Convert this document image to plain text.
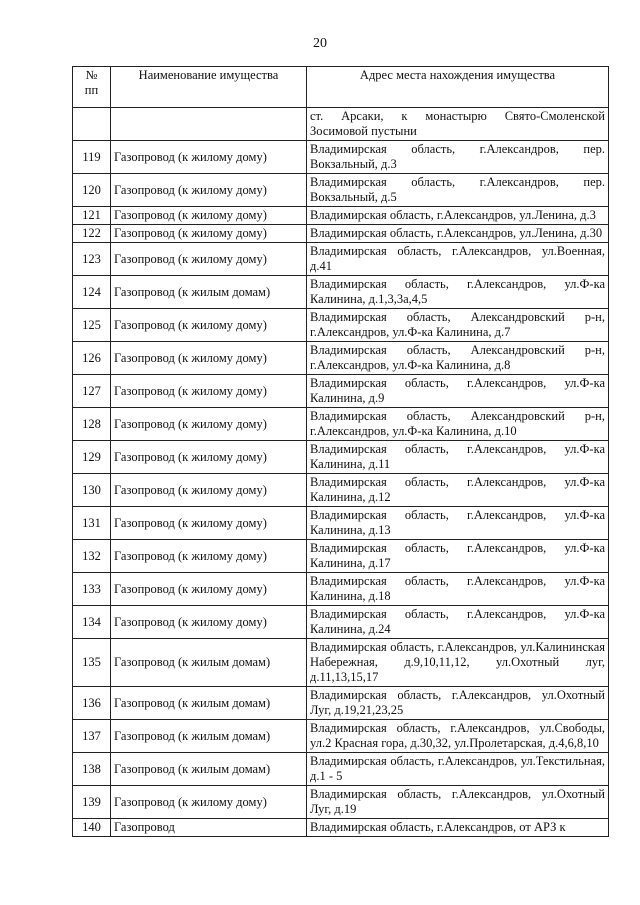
20
№
пп	Наименование имущества	Адрес места нахождения имущества
		ст. Арсаки, к монастырю Свято-Смоленской Зосимовой пустыни
119	Газопровод (к жилому дому)	Владимирская область, г.Александров, пер. Вокзальный, д.3
120	Газопровод (к жилому дому)	Владимирская область, г.Александров, пер. Вокзальный, д.5
121	Газопровод (к жилому дому)	Владимирская область, г.Александров, ул.Ленина, д.3
122	Газопровод (к жилому дому)	Владимирская область, г.Александров, ул.Ленина, д.30
123	Газопровод (к жилому дому)	Владимирская область, г.Александров, ул.Военная, д.41
124	Газопровод (к жилым домам)	Владимирская область, г.Александров, ул.Ф-ка Калинина, д.1,3,3а,4,5
125	Газопровод (к жилому дому)	Владимирская область, Александровский р-н, г.Александров, ул.Ф-ка Калинина, д.7
126	Газопровод (к жилому дому)	Владимирская область, Александровский р-н, г.Александров, ул.Ф-ка Калинина, д.8
127	Газопровод (к жилому дому)	Владимирская область, г.Александров, ул.Ф-ка Калинина, д.9
128	Газопровод (к жилому дому)	Владимирская область, Александровский р-н, г.Александров, ул.Ф-ка Калинина, д.10
129	Газопровод (к жилому дому)	Владимирская область, г.Александров, ул.Ф-ка Калинина, д.11
130	Газопровод (к жилому дому)	Владимирская область, г.Александров, ул.Ф-ка Калинина, д.12
131	Газопровод (к жилому дому)	Владимирская область, г.Александров, ул.Ф-ка Калинина, д.13
132	Газопровод (к жилому дому)	Владимирская область, г.Александров, ул.Ф-ка Калинина, д.17
133	Газопровод (к жилому дому)	Владимирская область, г.Александров, ул.Ф-ка Калинина, д.18
134	Газопровод (к жилому дому)	Владимирская область, г.Александров, ул.Ф-ка Калинина, д.24
135	Газопровод (к жилым домам)	Владимирская область, г.Александров, ул.Калининская Набережная, д.9,10,11,12, ул.Охотный луг, д.11,13,15,17
136	Газопровод (к жилым домам)	Владимирская область, г.Александров, ул.Охотный Луг, д.19,21,23,25
137	Газопровод (к жилым домам)	Владимирская область, г.Александров, ул.Свободы, ул.2 Красная гора, д.30,32, ул.Пролетарская, д.4,6,8,10
138	Газопровод (к жилым домам)	Владимирская область, г.Александров, ул.Текстильная, д.1 - 5
139	Газопровод (к жилому дому)	Владимирская область, г.Александров, ул.Охотный Луг, д.19
140	Газопровод	Владимирская область, г.Александров, от АРЗ к
